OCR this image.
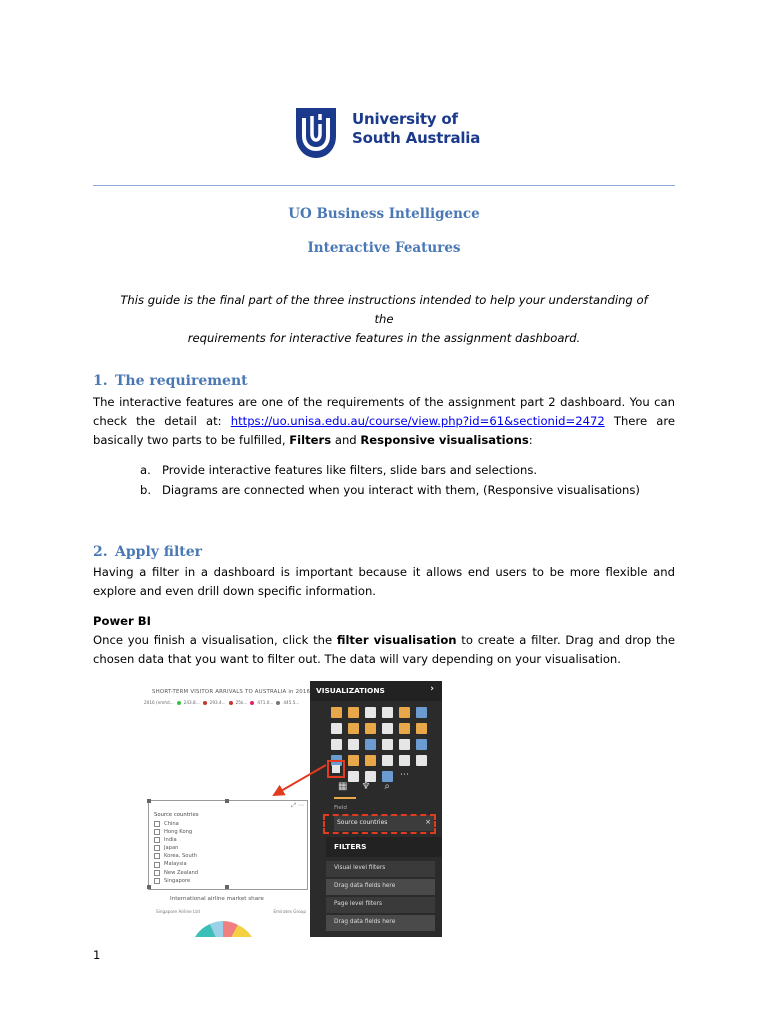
University of
South Australia
UO Business Intelligence
Interactive Features
This guide is the final part of the three instructions intended to help your understanding of the
requirements for interactive features in the assignment dashboard.
1. The requirement
The interactive features are one of the requirements of the assignment part 2 dashboard. You can check the detail at: https://uo.unisa.edu.au/course/view.php?id=61&sectionid=2472 There are basically two parts to be fulfilled, Filters and Responsive visualisations:
a. Provide interactive features like filters, slide bars and selections.
b. Diagrams are connected when you interact with them, (Responsive visualisations)
2. Apply filter
Having a filter in a dashboard is important because it allows end users to be more flexible and explore and even drill down specific information.
Power BI
Once you finish a visualisation, click the filter visualisation to create a filter. Drag and drop the chosen data that you want to filter out. The data will vary depending on your visualisation.
SHORT-TERM VISITOR ARRIVALS TO AUSTRALIA in 2016
2016 (nmhd... 243.8... 293.4... 25k... 471.0... 445.5...
⤢ ⋯
Source countries
China
Hong Kong
India
Japan
Korea, South
Malaysia
New Zealand
Singapore
International airline market share
Singapore Airline Ltd	Emirates Group
VISUALIZATIONS	›
⋯
▦ ♆ ⌕
Field
Source countries	×
FILTERS
Visual level filters
Drag data fields here
Page level filters
Drag data fields here
1
